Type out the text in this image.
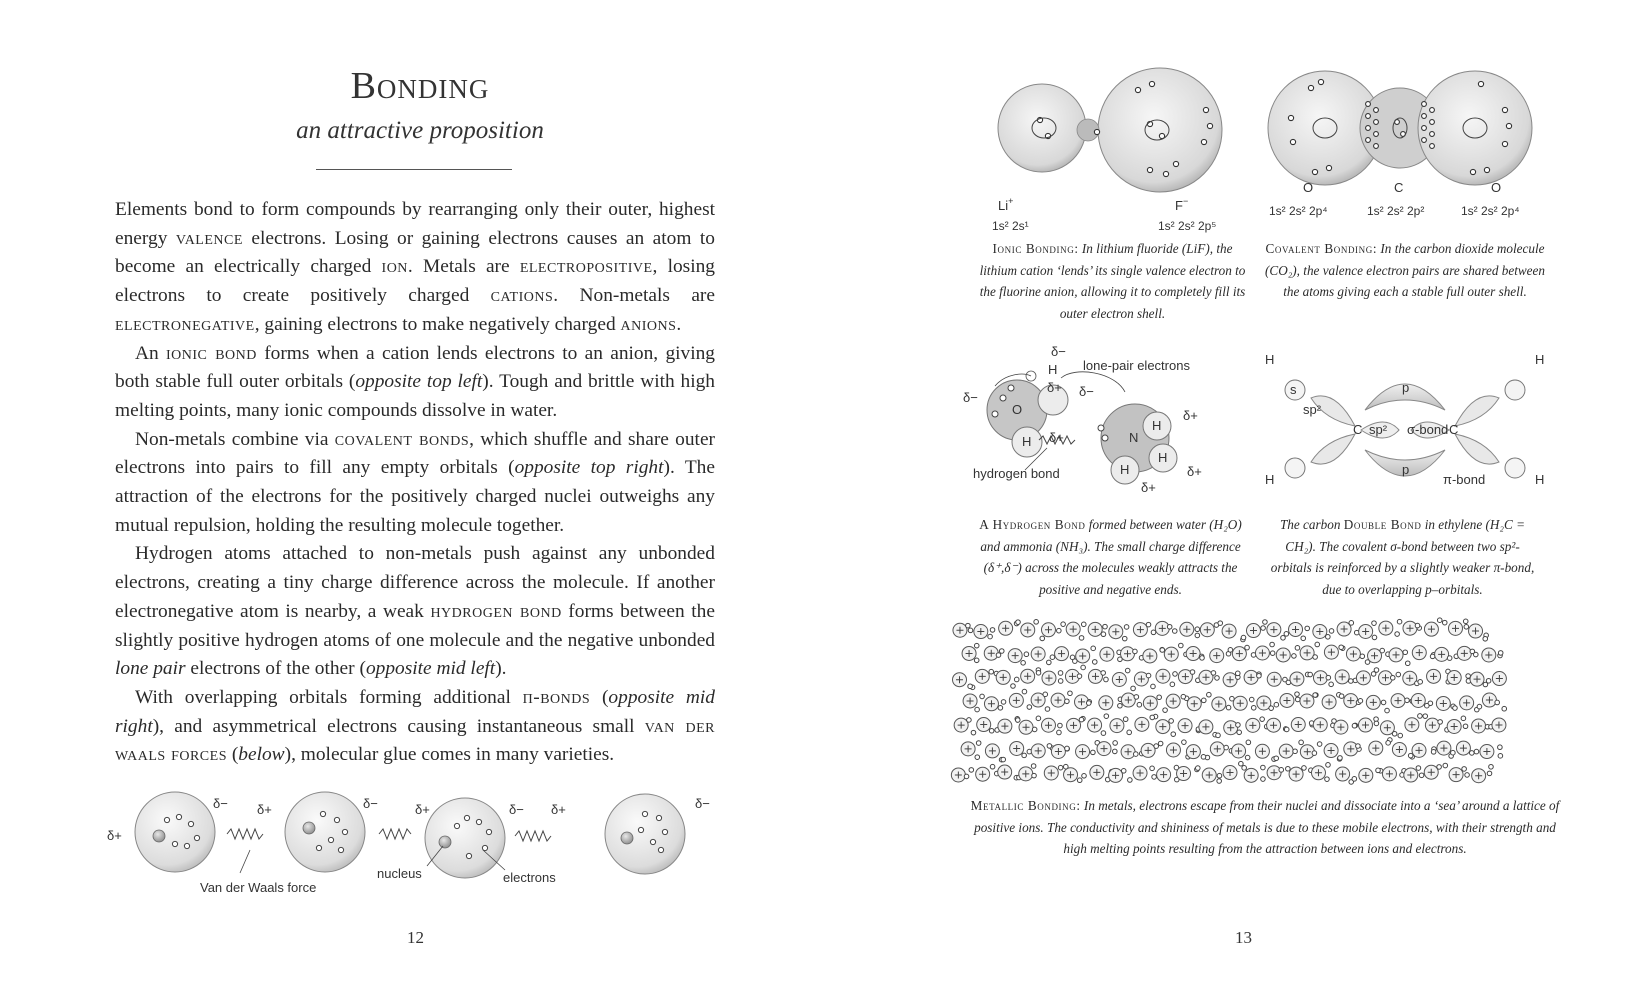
Bonding
an attractive proposition

Elements bond to form compounds by rearranging only their outer, highest energy valence electrons. Losing or gaining electrons causes an atom to become an electrically charged ion. Metals are electropositive, losing electrons to create positively charged cations. Non-metals are electronegative, gaining electrons to make negatively charged anions.

An ionic bond forms when a cation lends electrons to an anion, giving both stable full outer orbitals (opposite top left). Tough and brittle with high melting points, many ionic compounds dissolve in water.

Non-metals combine via covalent bonds, which shuffle and share outer electrons into pairs to fill any empty orbitals (opposite top right). The attraction of the electrons for the positively charged nuclei outweighs any mutual repulsion, holding the resulting molecule together.

Hydrogen atoms attached to non-metals push against any unbonded electrons, creating a tiny charge difference across the molecule. If another electronegative atom is nearby, a weak hydrogen bond forms between the slightly positive hydrogen atoms of one molecule and the negative unbonded lone pair electrons of the other (opposite mid left).

With overlapping orbitals forming additional π-bonds (opposite mid right), and asymmetrical electrons causing instantaneous small van der waals forces (below), molecular glue comes in many varieties.

δ+
δ− δ+	δ−	δ+	δ− δ+	δ−
Van der Waals force
nucleus	electrons
12
Li+	F−
1s² 2s¹	1s² 2s² 2p⁵
O	C	O
1s² 2s² 2p⁴	1s² 2s² 2p²	1s² 2s² 2p⁴
Ionic Bonding: In lithium fluoride (LiF), the lithium cation ‘lends’ its single valence electron to the fluorine anion, allowing it to completely fill its outer electron shell.
Covalent Bonding: In the carbon dioxide molecule (CO₂), the valence electron pairs are shared between the atoms giving each a stable full outer shell.
lone-pair electrons
O
H
H	N
H
H
H
δ−
δ−
δ+ δ−
δ+
δ+
δ+
δ+
hydrogen bond
H	H
H	H
C	C
s
sp²
sp² σ-bond
p
p
π-bond
A Hydrogen Bond formed between water (H₂O) and ammonia (NH₃). The small charge difference (δ⁺,δ⁻) across the molecules weakly attracts the positive and negative ends.
The carbon Double Bond in ethylene (H₂C = CH₂). The covalent σ-bond between two sp²-orbitals is reinforced by a slightly weaker π-bond, due to overlapping p–orbitals.
Metallic Bonding: In metals, electrons escape from their nuclei and dissociate into a ‘sea’ around a lattice of positive ions. The conductivity and shininess of metals is due to these mobile electrons, with their strength and high melting points resulting from the attraction between ions and electrons.
13
